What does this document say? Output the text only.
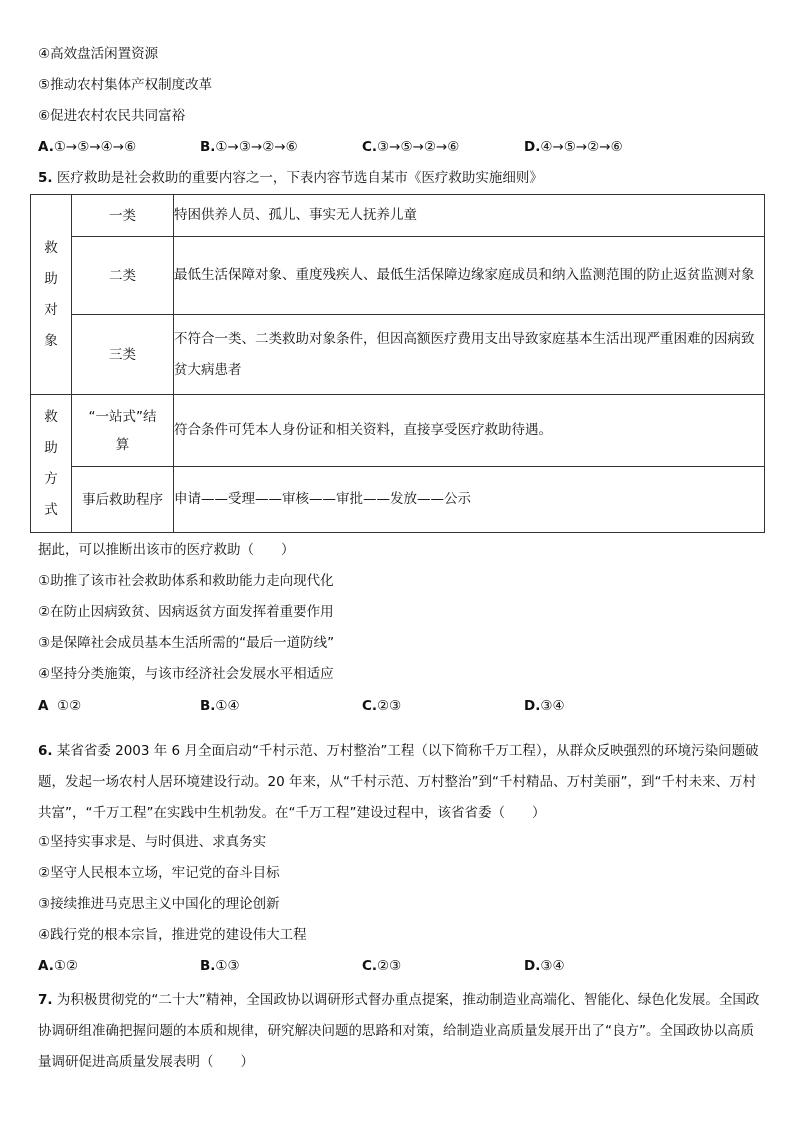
④高效盘活闲置资源
⑤推动农村集体产权制度改革
⑥促进农村农民共同富裕
A.①→⑤→④→⑥	B.①→③→②→⑥	C.③→⑤→②→⑥	D.④→⑤→②→⑥
5. 医疗救助是社会救助的重要内容之一，下表内容节选自某市《医疗救助实施细则》
救
助
对
象	一类	特困供养人员、孤儿、事实无人抚养儿童
	二类	最低生活保障对象、重度残疾人、最低生活保障边缘家庭成员和纳入监测范围的防止返贫监测对象
	三类	不符合一类、二类救助对象条件，但因高额医疗费用支出导致家庭基本生活出现严重困难的因病致贫大病患者

救
助
方
式	“一站式”结算	符合条件可凭本人身份证和相关资料，直接享受医疗救助待遇。
	事后救助程序	申请——受理——审核——审批——发放——公示
据此，可以推断出该市的医疗救助（　　）
①助推了该市社会救助体系和救助能力走向现代化
②在防止因病致贫、因病返贫方面发挥着重要作用
③是保障社会成员基本生活所需的“最后一道防线”
④坚持分类施策，与该市经济社会发展水平相适应
A ①②	B.①④	C.②③	D.③④
6. 某省省委 2003 年 6 月全面启动“千村示范、万村整治”工程（以下简称千万工程），从群众反映强烈的环境污染问题破题，发起一场农村人居环境建设行动。20 年来，从“千村示范、万村整治”到“千村精品、万村美丽”，到“千村未来、万村共富”，“千万工程”在实践中生机勃发。在“千万工程”建设过程中，该省省委（　　）
①坚持实事求是、与时俱进、求真务实
②坚守人民根本立场，牢记党的奋斗目标
③接续推进马克思主义中国化的理论创新
④践行党的根本宗旨，推进党的建设伟大工程
A.①②	B.①③	C.②③	D.③④
7. 为积极贯彻党的“二十大”精神，全国政协以调研形式督办重点提案，推动制造业高端化、智能化、绿色化发展。全国政协调研组准确把握问题的本质和规律，研究解决问题的思路和对策，给制造业高质量发展开出了“良方”。全国政协以高质量调研促进高质量发展表明（　　）
